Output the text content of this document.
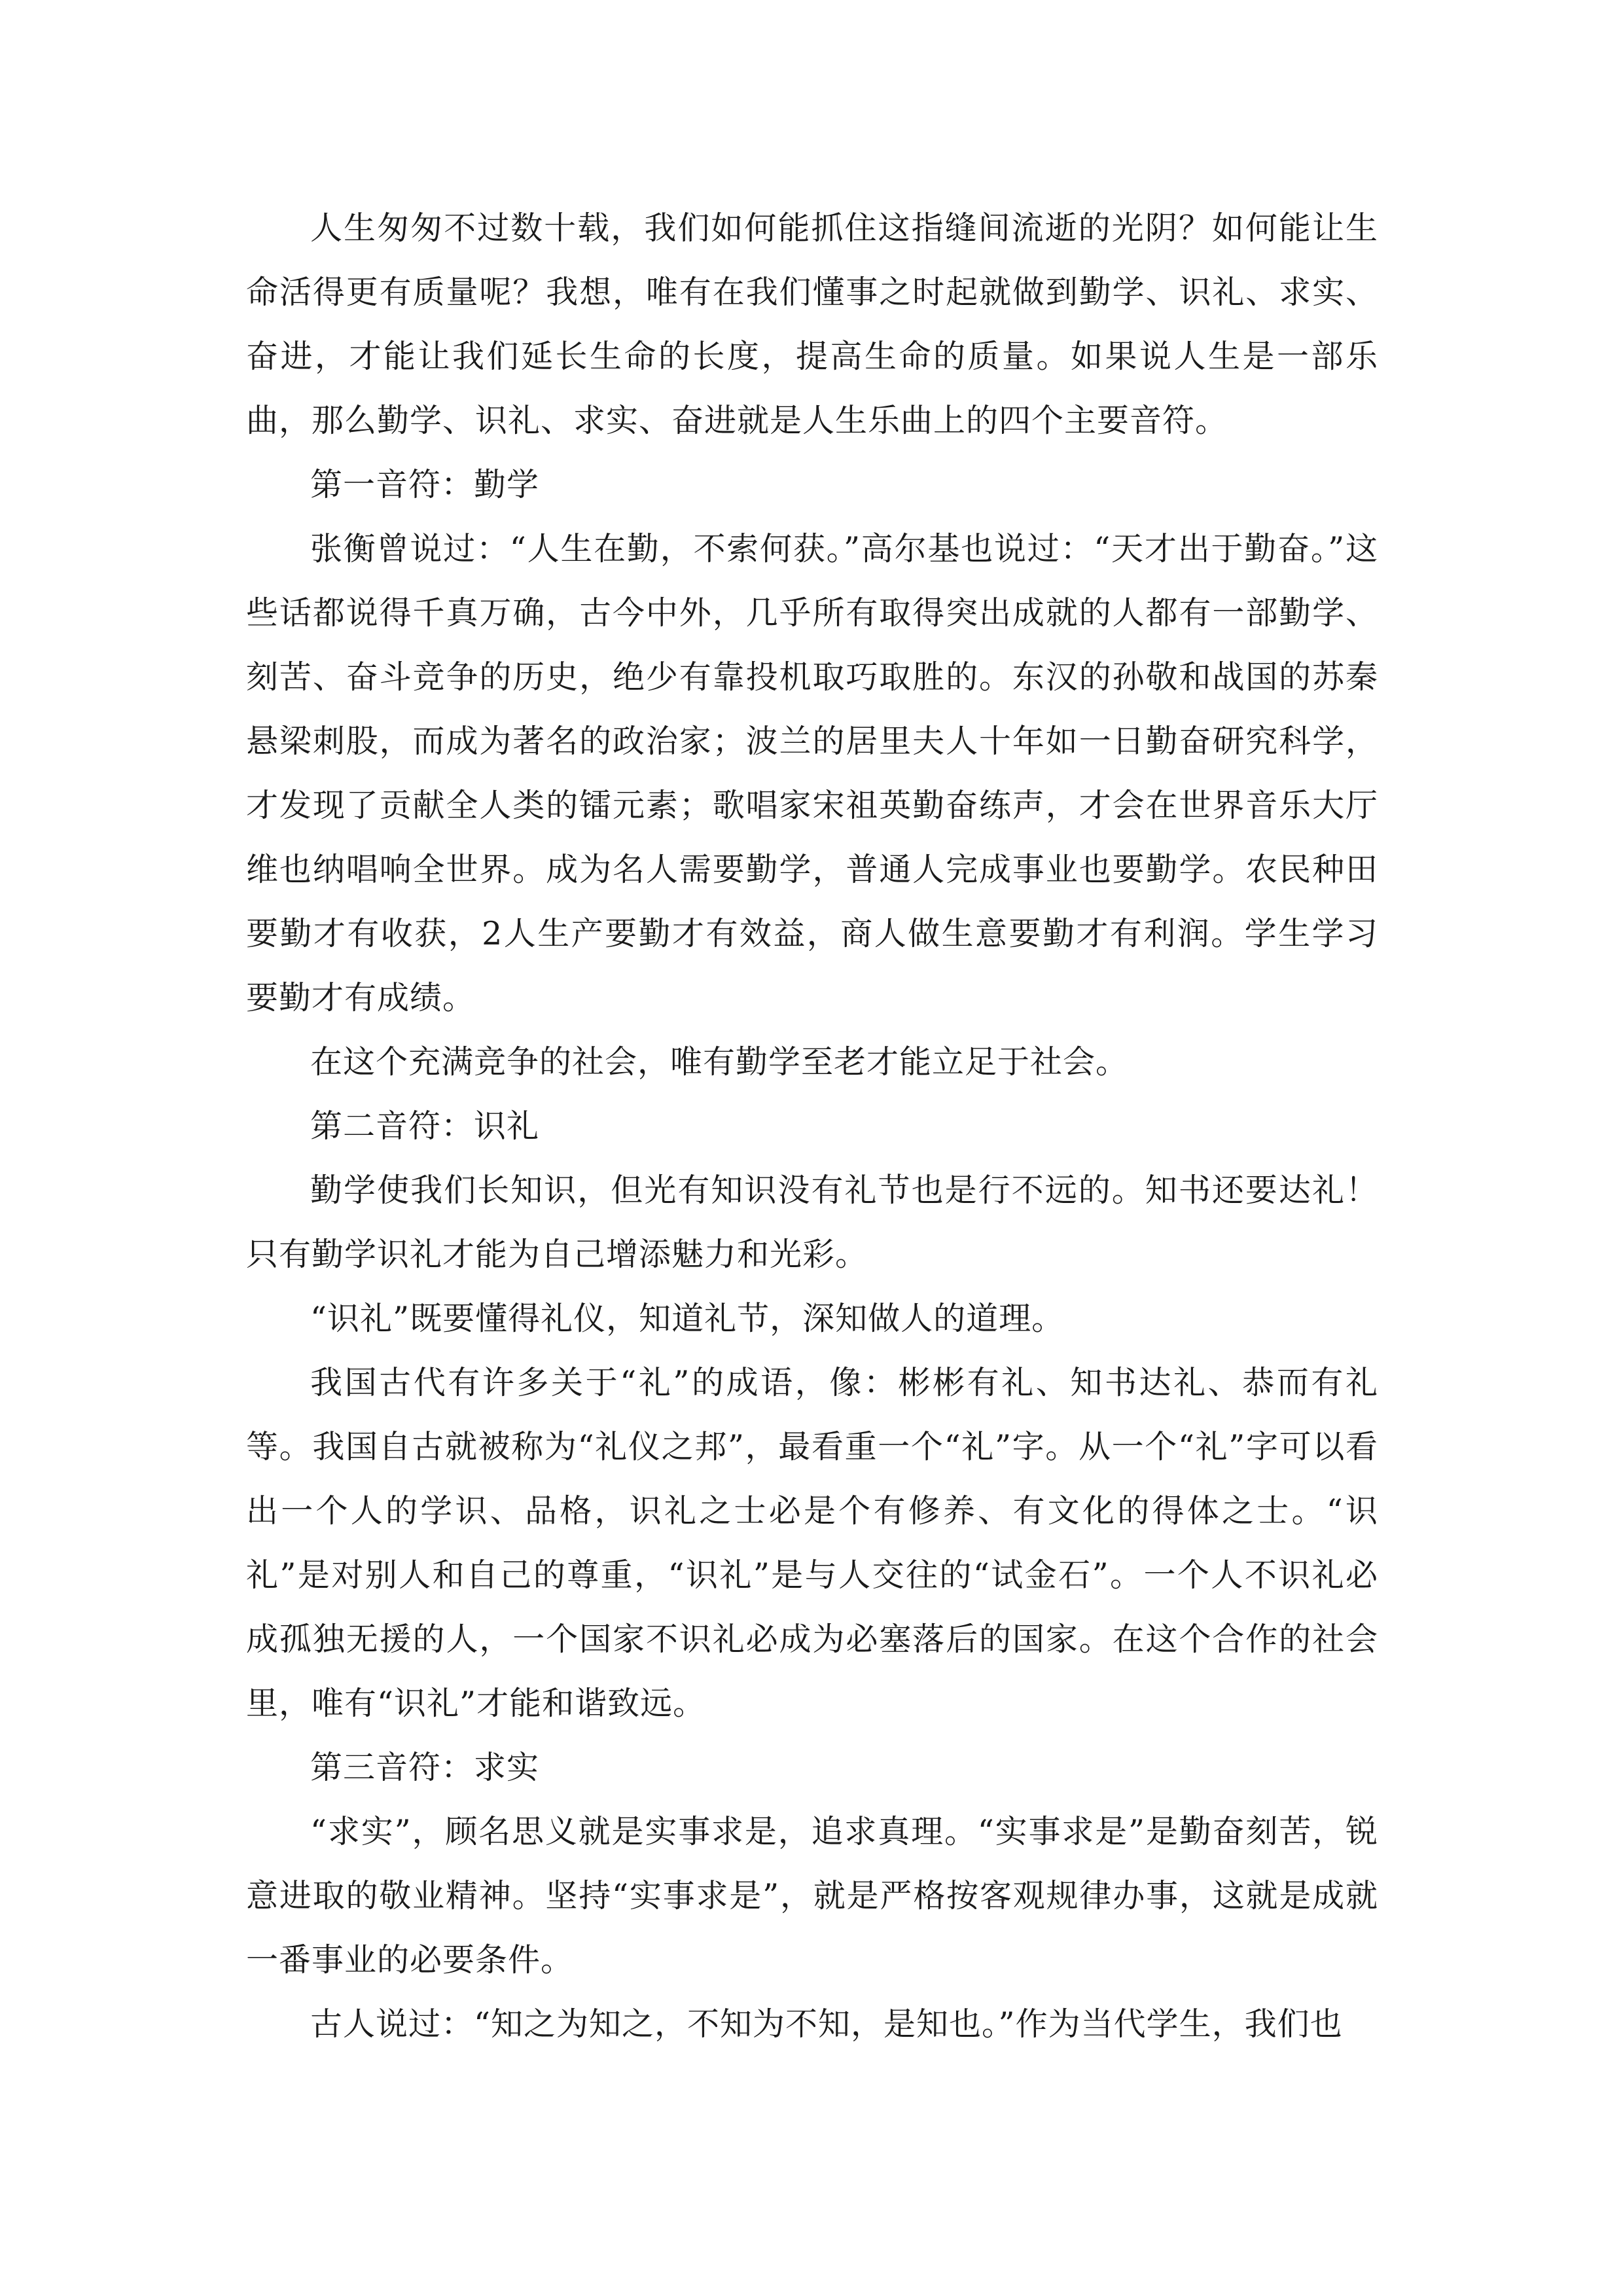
人生匆匆不过数十载，我们如何能抓住这指缝间流逝的光阴？如何能让生命活得更有质量呢？我想，唯有在我们懂事之时起就做到勤学、识礼、求实、奋进，才能让我们延长生命的长度，提高生命的质量。如果说人生是一部乐曲，那么勤学、识礼、求实、奋进就是人生乐曲上的四个主要音符。

第一音符：勤学

张衡曾说过：“人生在勤，不索何获。”高尔基也说过：“天才出于勤奋。”这些话都说得千真万确，古今中外，几乎所有取得突出成就的人都有一部勤学、刻苦、奋斗竞争的历史，绝少有靠投机取巧取胜的。东汉的孙敬和战国的苏秦悬梁刺股，而成为著名的政治家；波兰的居里夫人十年如一日勤奋研究科学，才发现了贡献全人类的镭元素；歌唱家宋祖英勤奋练声，才会在世界音乐大厅维也纳唱响全世界。成为名人需要勤学，普通人完成事业也要勤学。农民种田要勤才有收获，2人生产要勤才有效益，商人做生意要勤才有利润。学生学习要勤才有成绩。

在这个充满竞争的社会，唯有勤学至老才能立足于社会。

第二音符：识礼

勤学使我们长知识，但光有知识没有礼节也是行不远的。知书还要达礼！只有勤学识礼才能为自己增添魅力和光彩。

“识礼”既要懂得礼仪，知道礼节，深知做人的道理。

我国古代有许多关于“礼”的成语，像：彬彬有礼、知书达礼、恭而有礼等。我国自古就被称为“礼仪之邦”，最看重一个“礼”字。从一个“礼”字可以看出一个人的学识、品格，识礼之士必是个有修养、有文化的得体之士。“识礼”是对别人和自己的尊重，“识礼”是与人交往的“试金石”。一个人不识礼必成孤独无援的人，一个国家不识礼必成为必塞落后的国家。在这个合作的社会里，唯有“识礼”才能和谐致远。

第三音符：求实

“求实”，顾名思义就是实事求是，追求真理。“实事求是”是勤奋刻苦，锐意进取的敬业精神。坚持“实事求是”，就是严格按客观规律办事，这就是成就一番事业的必要条件。

古人说过：“知之为知之，不知为不知，是知也。”作为当代学生，我们也
